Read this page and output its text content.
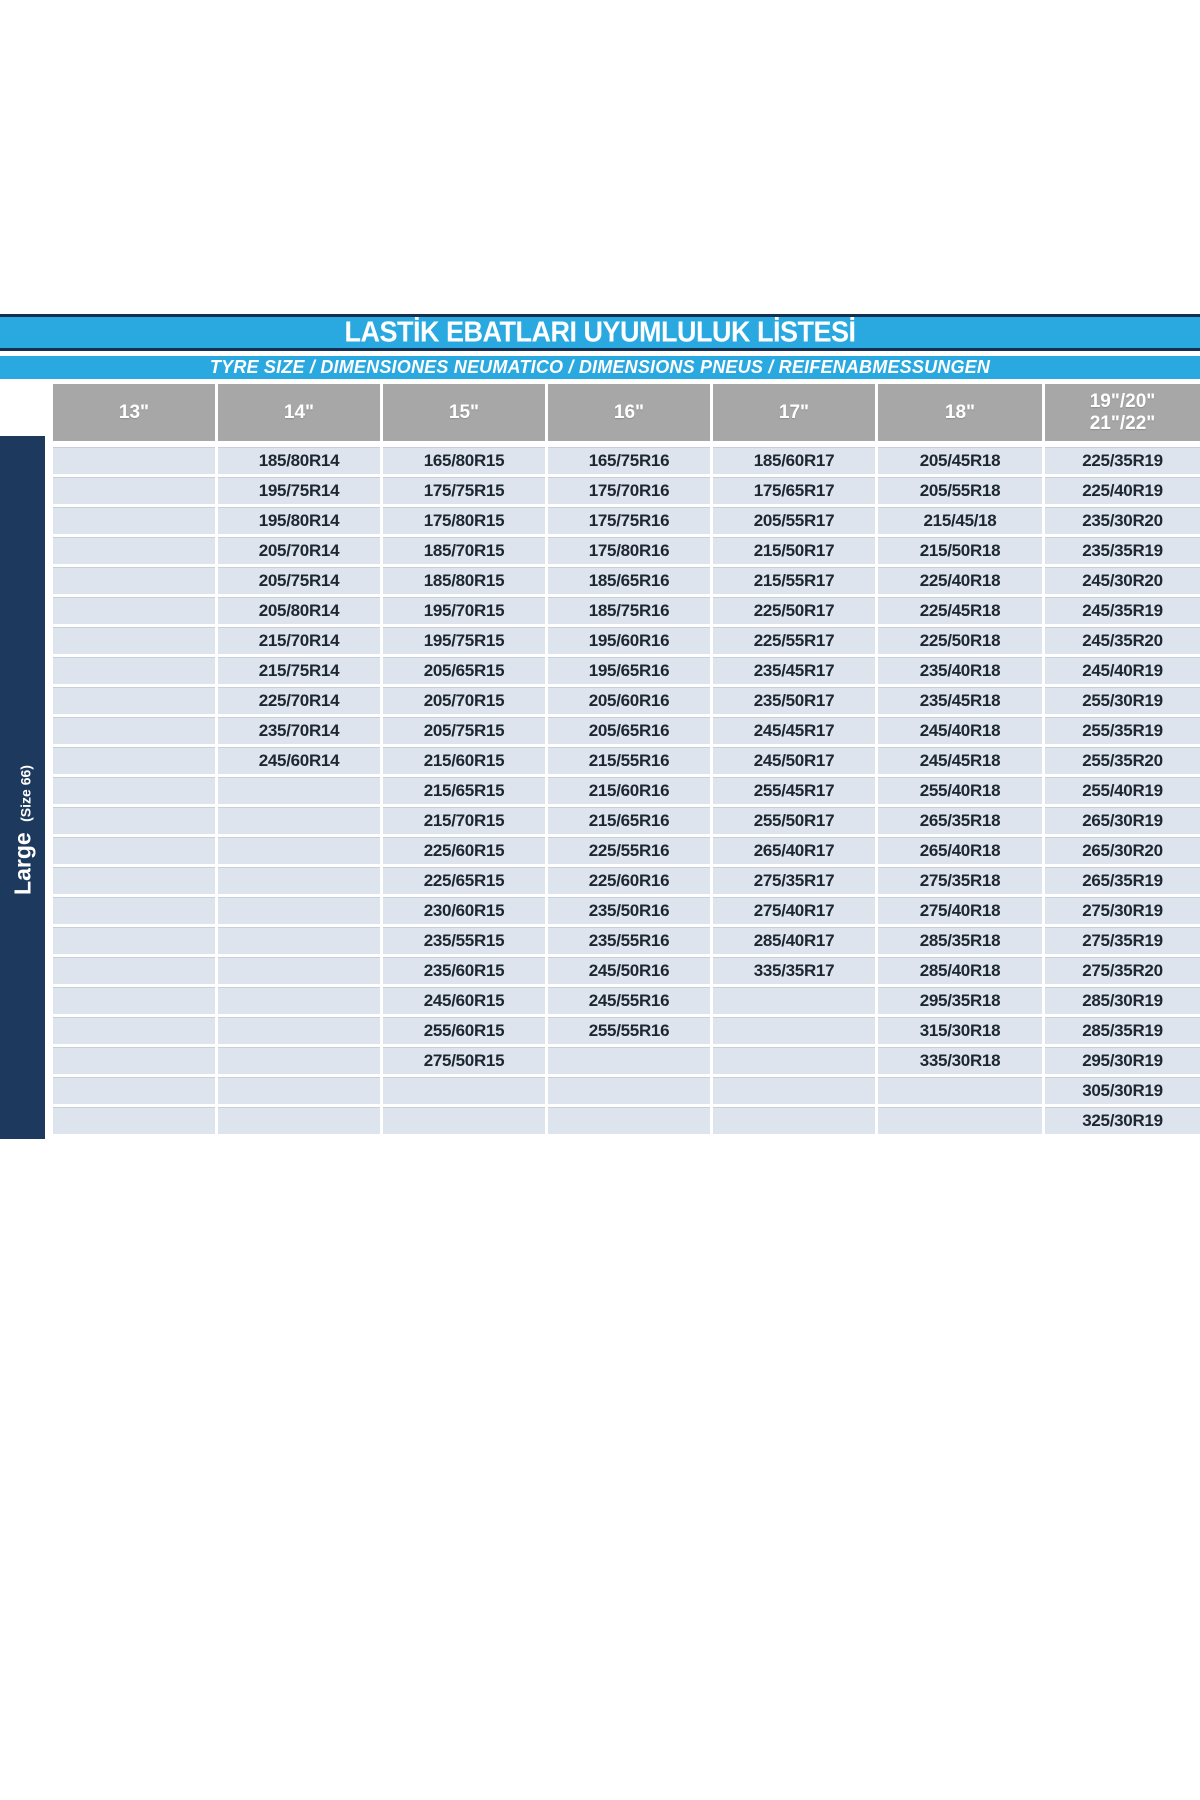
LASTİK EBATLARI UYUMLULUK LİSTESİ
TYRE SIZE / DIMENSIONES NEUMATICO / DIMENSIONS PNEUS / REIFENABMESSUNGEN
13"	14"
185/80R14
195/75R14
195/80R14
205/70R14
205/75R14
205/80R14
215/70R14
215/75R14
225/70R14
235/70R14
245/60R14
15"
165/80R15
175/75R15
175/80R15
185/70R15
185/80R15
195/70R15
195/75R15
205/65R15
205/70R15
205/75R15
215/60R15
215/65R15
215/70R15
225/60R15
225/65R15
230/60R15
235/55R15
235/60R15
245/60R15
255/60R15
275/50R15
16"
165/75R16
175/70R16
175/75R16
175/80R16
185/65R16
185/75R16
195/60R16
195/65R16
205/60R16
205/65R16
215/55R16
215/60R16
215/65R16
225/55R16
225/60R16
235/50R16
235/55R16
245/50R16
245/55R16
255/55R16
17"
185/60R17
175/65R17
205/55R17
215/50R17
215/55R17
225/50R17
225/55R17
235/45R17
235/50R17
245/45R17
245/50R17
255/45R17
255/50R17
265/40R17
275/35R17
275/40R17
285/40R17
335/35R17
18"
205/45R18
205/55R18
215/45/18
215/50R18
225/40R18
225/45R18
225/50R18
235/40R18
235/45R18
245/40R18
245/45R18
255/40R18
265/35R18
265/40R18
275/35R18
275/40R18
285/35R18
285/40R18
295/35R18
315/30R18
335/30R18
19"/20"
21"/22"
225/35R19
225/40R19
235/30R20
235/35R19
245/30R20
245/35R19
245/35R20
245/40R19
255/30R19
255/35R19
255/35R20
255/40R19
265/30R19
265/30R20
265/35R19
275/30R19
275/35R19
275/35R20
285/30R19
285/35R19
295/30R19
305/30R19
325/30R19
Large (Size 66)
